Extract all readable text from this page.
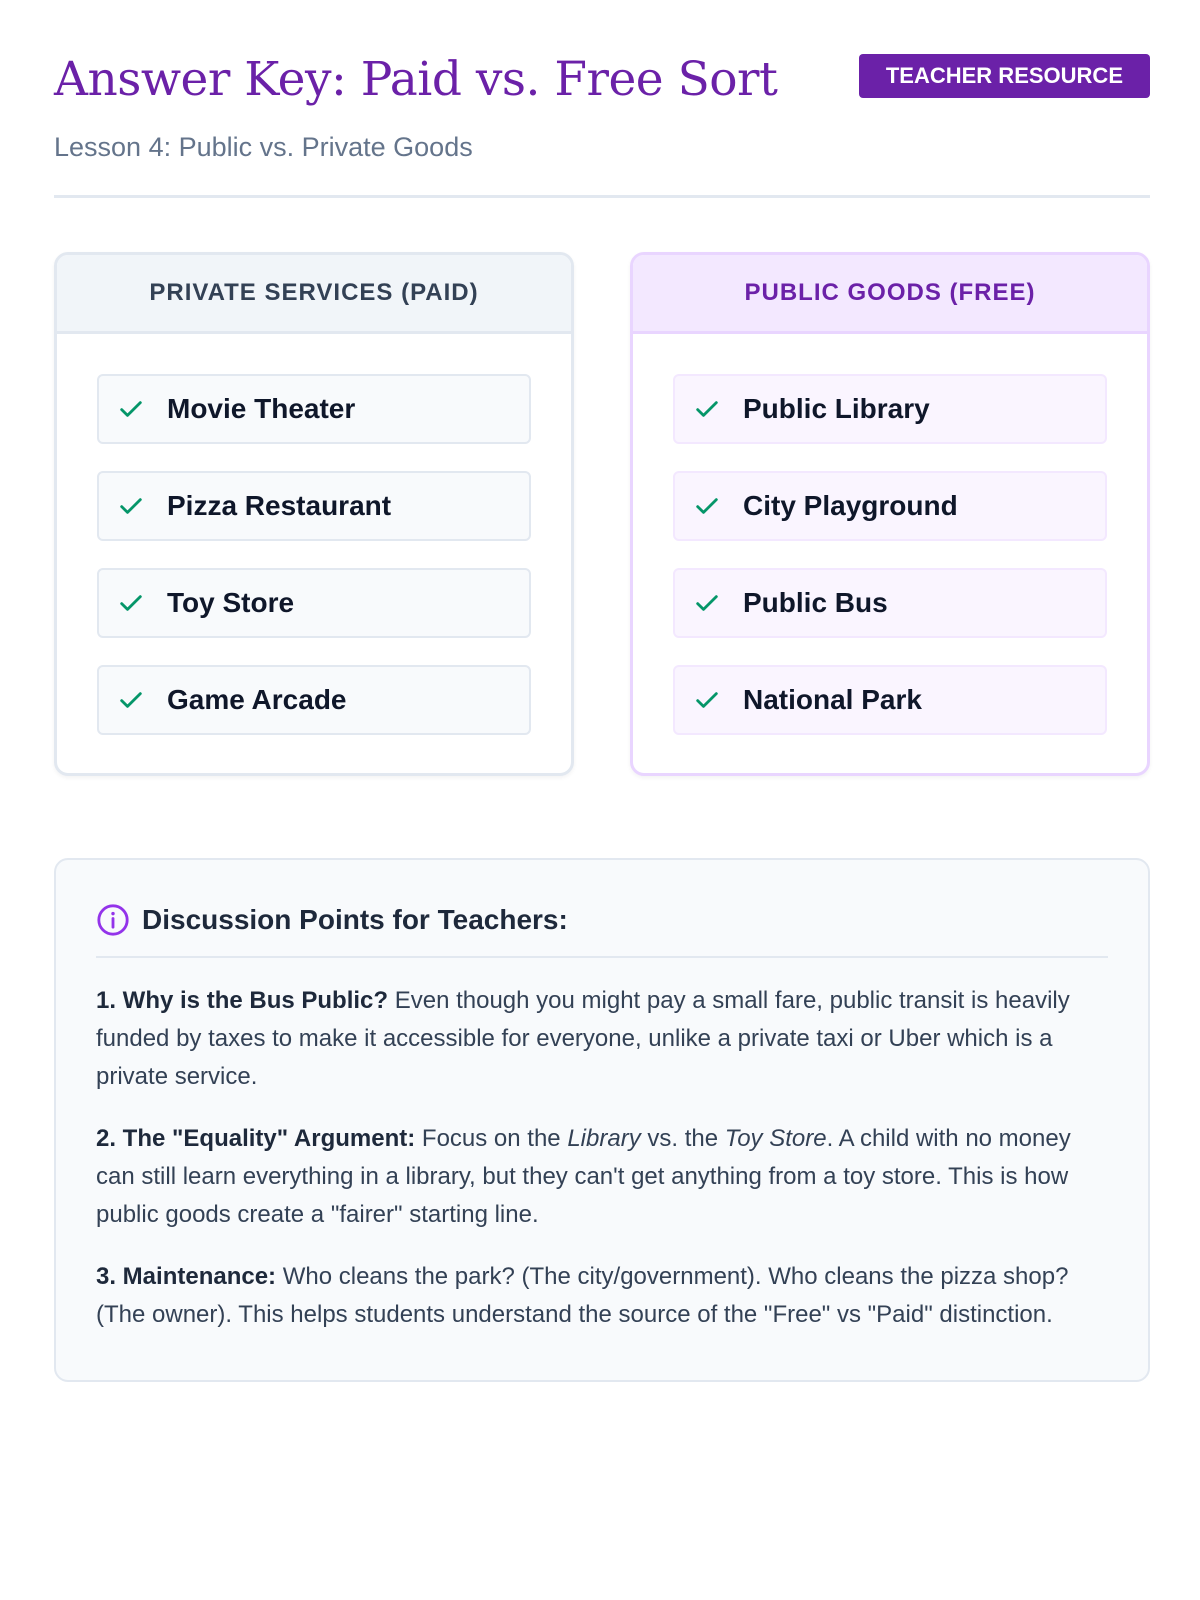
Answer Key: Paid vs. Free Sort
Lesson 4: Public vs. Private Goods
TEACHER RESOURCE
PRIVATE SERVICES (PAID)
Movie Theater
Pizza Restaurant
Toy Store
Game Arcade
PUBLIC GOODS (FREE)
Public Library
City Playground
Public Bus
National Park
Discussion Points for Teachers:

1. Why is the Bus Public? Even though you might pay a small fare, public transit is heavily funded by taxes to make it accessible for everyone, unlike a private taxi or Uber which is a private service.

2. The "Equality" Argument: Focus on the Library vs. the Toy Store. A child with no money can still learn everything in a library, but they can't get anything from a toy store. This is how public goods create a "fairer" starting line.

3. Maintenance: Who cleans the park? (The city/government). Who cleans the pizza shop? (The owner). This helps students understand the source of the "Free" vs "Paid" distinction.
